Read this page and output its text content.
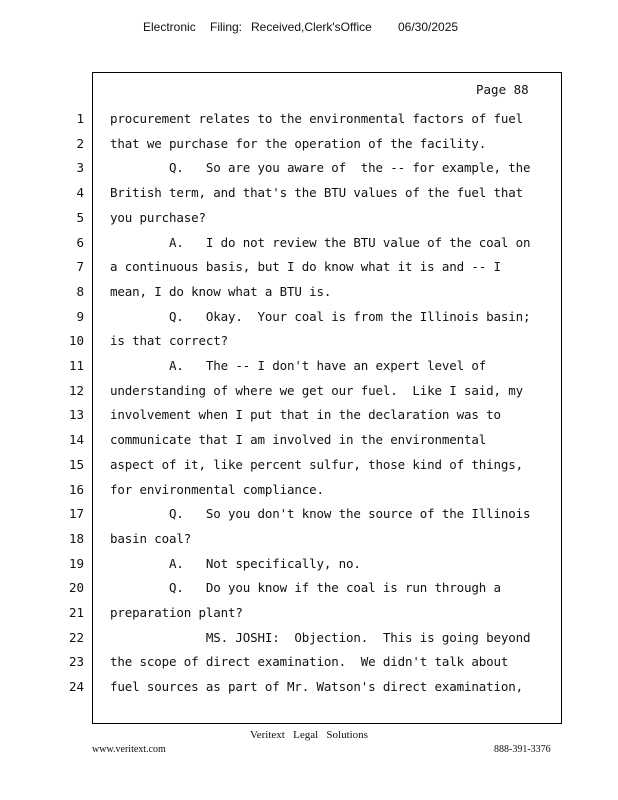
Electronic Filing: Received,Clerk'sOffice 06/30/2025
Page 88
1 procurement relates to the environmental factors of fuel
2 that we purchase for the operation of the facility.
3 Q.   So are you aware of  the -- for example, the
4 British term, and that's the BTU values of the fuel that
5 you purchase?
6 A.   I do not review the BTU value of the coal on
7 a continuous basis, but I do know what it is and -- I
8 mean, I do know what a BTU is.
9 Q.   Okay.  Your coal is from the Illinois basin;
10 is that correct?
11 A.   The -- I don't have an expert level of
12 understanding of where we get our fuel.  Like I said, my
13 involvement when I put that in the declaration was to
14 communicate that I am involved in the environmental
15 aspect of it, like percent sulfur, those kind of things,
16 for environmental compliance.
17 Q.   So you don't know the source of the Illinois
18 basin coal?
19 A.   Not specifically, no.
20 Q.   Do you know if the coal is run through a
21 preparation plant?
22 MS. JOSHI:  Objection.  This is going beyond
23 the scope of direct examination.  We didn't talk about
24 fuel sources as part of Mr. Watson's direct examination,
Veritext   Legal   Solutions
www.veritext.com	888-391-3376
